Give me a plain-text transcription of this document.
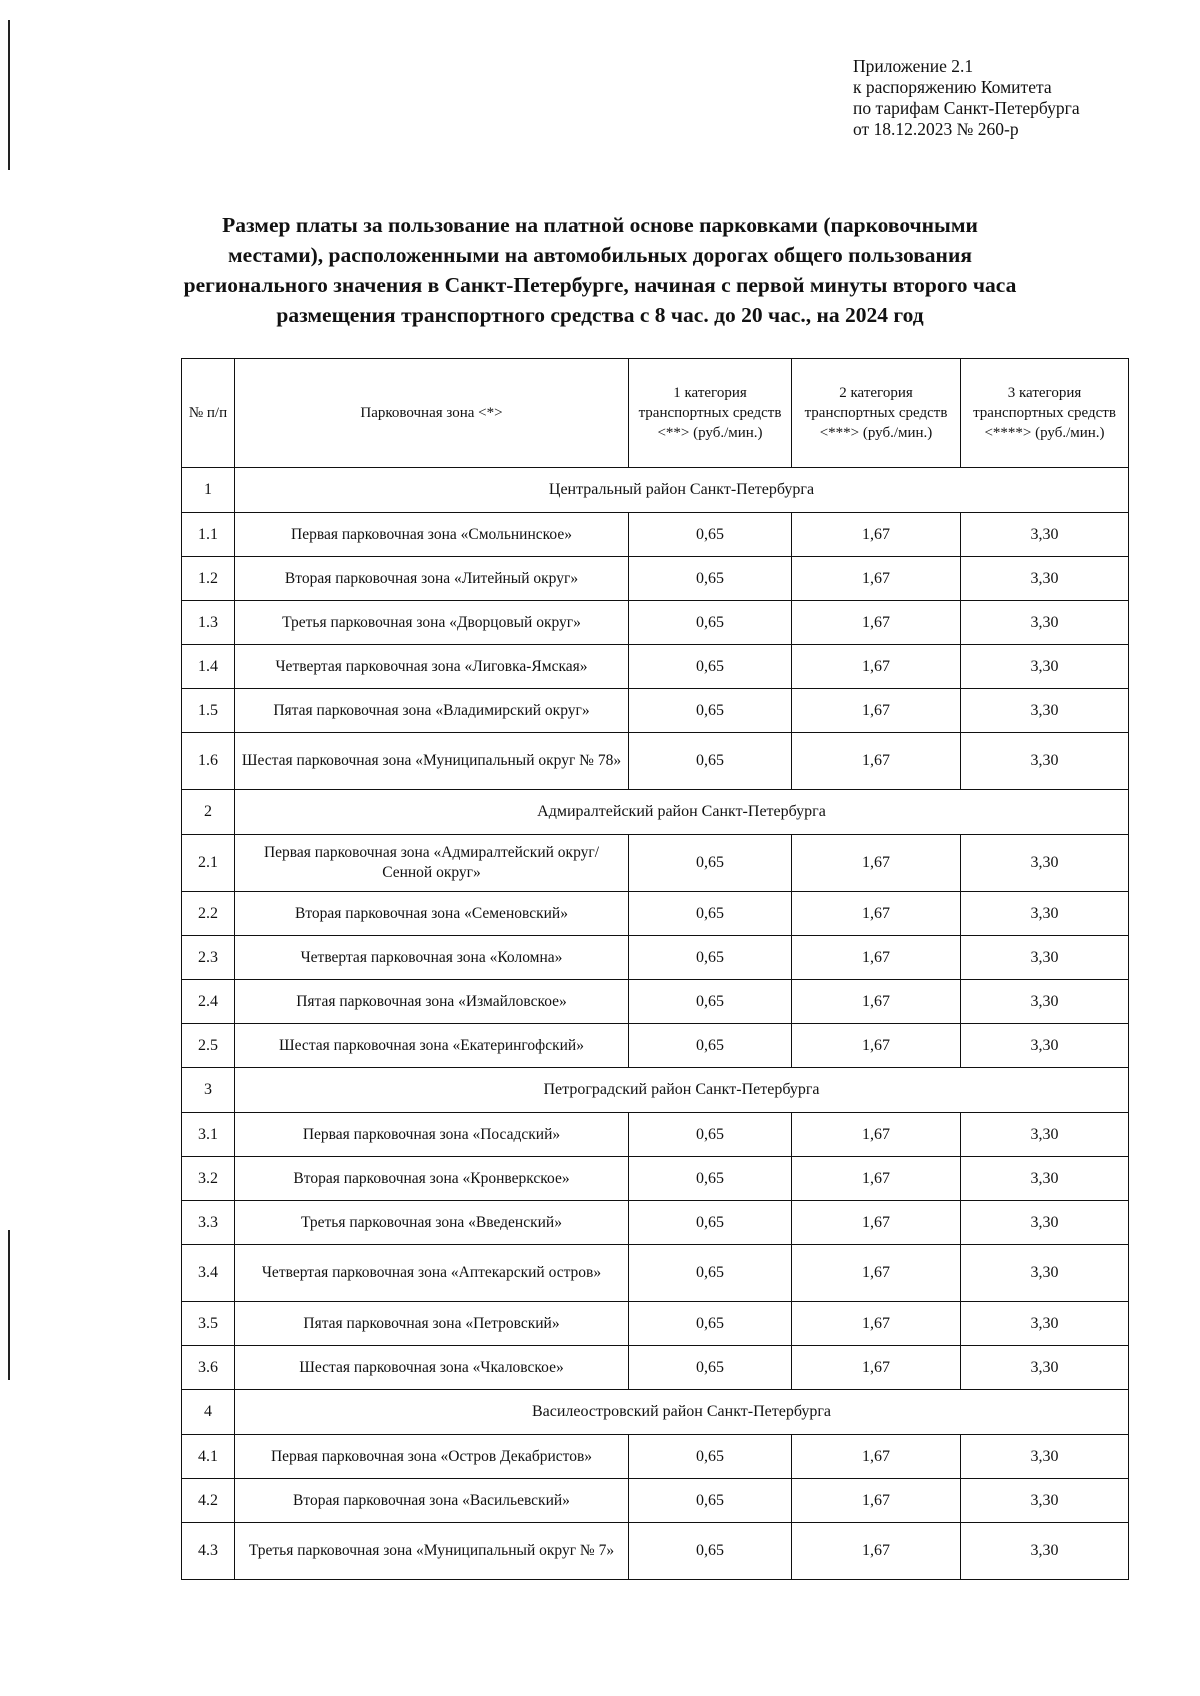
Приложение 2.1
к распоряжению Комитета
по тарифам Санкт-Петербурга
от 18.12.2023 № 260-р
Размер платы за пользование на платной основе парковками (парковочными
местами), расположенными на автомобильных дорогах общего пользования
регионального значения в Санкт-Петербурге, начиная с первой минуты второго часа
размещения транспортного средства с 8 час. до 20 час., на 2024 год
№ п/п	Парковочная зона <*>	1 категория транспортных средств <**> (руб./мин.)	2 категория транспортных средств <***> (руб./мин.)	3 категория транспортных средств <****> (руб./мин.)
1	Центральный район Санкт-Петербурга			
1.1	Первая парковочная зона «Смольнинское»	0,65	1,67	3,30
1.2	Вторая парковочная зона «Литейный округ»	0,65	1,67	3,30
1.3	Третья парковочная зона «Дворцовый округ»	0,65	1,67	3,30
1.4	Четвертая парковочная зона «Лиговка-Ямская»	0,65	1,67	3,30
1.5	Пятая парковочная зона «Владимирский округ»	0,65	1,67	3,30
1.6	Шестая парковочная зона «Муниципальный округ № 78»	0,65	1,67	3,30
2	Адмиралтейский район Санкт-Петербурга			
2.1	Первая парковочная зона «Адмиралтейский округ/Сенной округ»	0,65	1,67	3,30
2.2	Вторая парковочная зона «Семеновский»	0,65	1,67	3,30
2.3	Четвертая парковочная зона «Коломна»	0,65	1,67	3,30
2.4	Пятая парковочная зона «Измайловское»	0,65	1,67	3,30
2.5	Шестая парковочная зона «Екатерингофский»	0,65	1,67	3,30
3	Петроградский район Санкт-Петербурга			
3.1	Первая парковочная зона «Посадский»	0,65	1,67	3,30
3.2	Вторая парковочная зона «Кронверкское»	0,65	1,67	3,30
3.3	Третья парковочная зона «Введенский»	0,65	1,67	3,30
3.4	Четвертая парковочная зона «Аптекарский остров»	0,65	1,67	3,30
3.5	Пятая парковочная зона «Петровский»	0,65	1,67	3,30
3.6	Шестая парковочная зона «Чкаловское»	0,65	1,67	3,30
4	Василеостровский район Санкт-Петербурга			
4.1	Первая парковочная зона «Остров Декабристов»	0,65	1,67	3,30
4.2	Вторая парковочная зона «Васильевский»	0,65	1,67	3,30
4.3	Третья парковочная зона «Муниципальный округ № 7»	0,65	1,67	3,30
